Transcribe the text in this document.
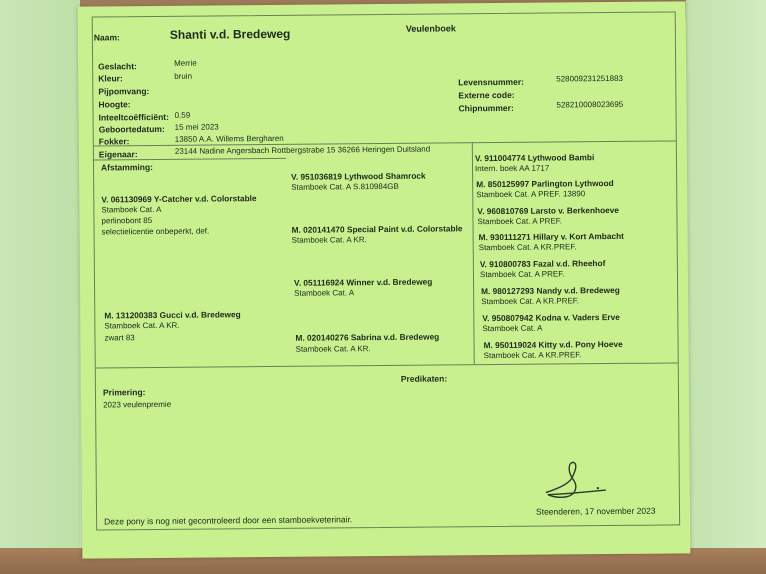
Naam:	Shanti v.d. Bredeweg	Veulenboek
Geslacht:	Merrie
Kleur:	bruin
Pijpomvang:
Hoogte:
Inteeltcoëfficiënt: 0.59
Geboortedatum: 15 mei 2023
Fokker:	13850 A.A. Willems Bergharen
Eigenaar:	23144 Nadine Angersbach Rottbergstrabe 15 36266 Heringen Duitsland
Levensnummer:	528009231251883
Externe code:
Chipnummer:	528210008023695
Afstamming:
V. 061130969 Y-Catcher v.d. Colorstable
Stamboek Cat. A
perlinobont 85
selectielicentie onbeperkt, def.
M. 131200383 Gucci v.d. Bredeweg
Stamboek Cat. A KR.
zwart 83
V. 951036819 Lythwood Shamrock
Stamboek Cat. A S.810984GB
M. 020141470 Special Paint v.d. Colorstable
Stamboek Cat. A KR.
V. 051116924 Winner v.d. Bredeweg
Stamboek Cat. A
M. 020140276 Sabrina v.d. Bredeweg
Stamboek Cat. A KR.
V. 911004774 Lythwood Bambi
Intern. boek AA 1717
M. 850125997 Parlington Lythwood
Stamboek Cat. A PREF. 13890
V. 960810769 Larsto v. Berkenhoeve
Stamboek Cat. A PREF.
M. 930111271 Hillary v. Kort Ambacht
Stamboek Cat. A KR.PREF.
V. 910800783 Fazal v.d. Rheehof
Stamboek Cat. A PREF.
M. 980127293 Nandy v.d. Bredeweg
Stamboek Cat. A KR.PREF.
V. 950807942 Kodna v. Vaders Erve
Stamboek Cat. A
M. 950119024 Kitty v.d. Pony Hoeve
Stamboek Cat. A KR.PREF.
Primering:
2023 veulenpremie
Predikaten:
Deze pony is nog niet gecontroleerd door een stamboekveterinair.
Steenderen, 17 november 2023
